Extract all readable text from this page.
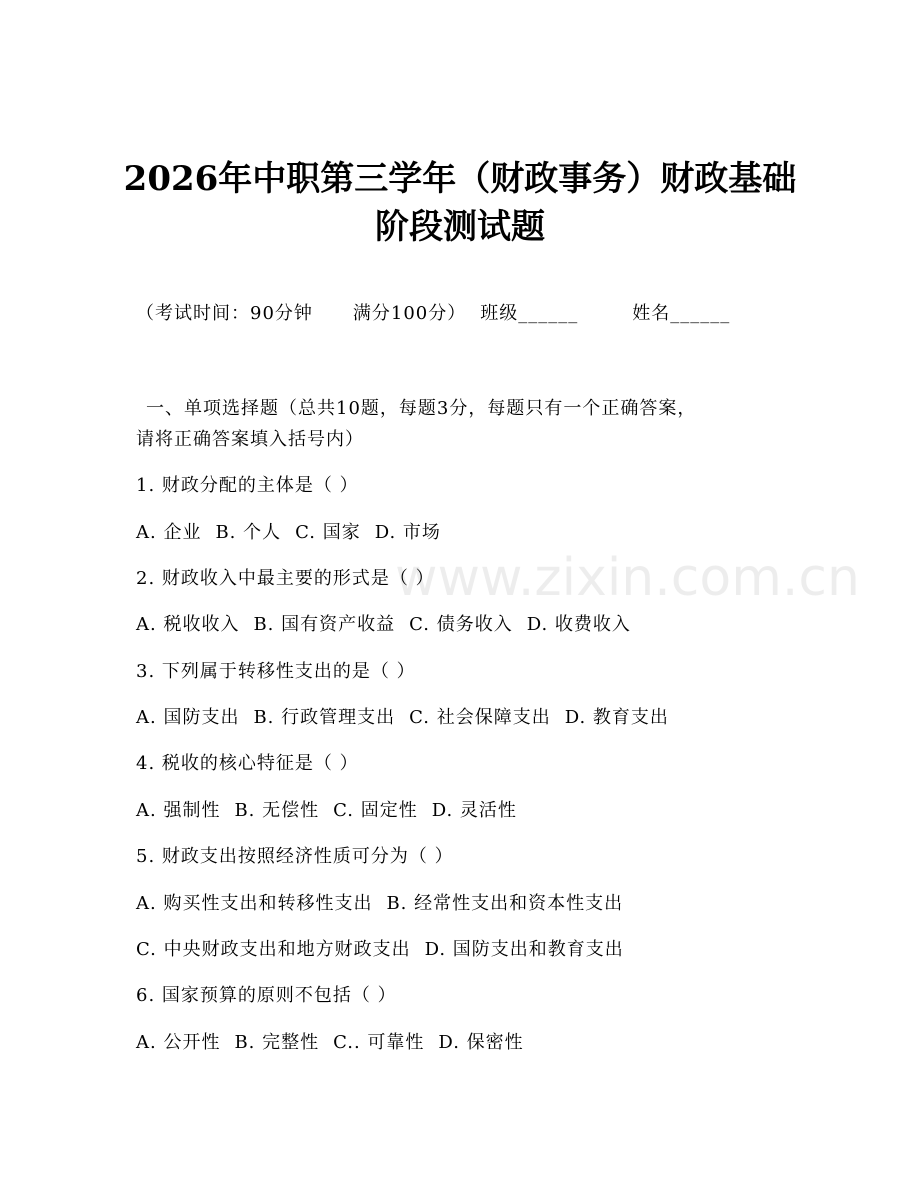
2026年中职第三学年（财政事务）财政基础
阶段测试题
（考试时间：90分钟 满分100分） 班级______	姓名______
一、单项选择题（总共10题，每题3分，每题只有一个正确答案，
请将正确答案填入括号内）
www.zixin.com.cn
1. 财政分配的主体是（ ）
A. 企业 B. 个人 C. 国家 D. 市场
2. 财政收入中最主要的形式是（ ）
A. 税收收入 B. 国有资产收益 C. 债务收入 D. 收费收入
3. 下列属于转移性支出的是（ ）
A. 国防支出 B. 行政管理支出 C. 社会保障支出 D. 教育支出
4. 税收的核心特征是（ ）
A. 强制性 B. 无偿性 C. 固定性 D. 灵活性
5. 财政支出按照经济性质可分为（ ）
A. 购买性支出和转移性支出 B. 经常性支出和资本性支出
C. 中央财政支出和地方财政支出 D. 国防支出和教育支出
6. 国家预算的原则不包括（ ）
A. 公开性 B. 完整性 C.. 可靠性 D. 保密性
